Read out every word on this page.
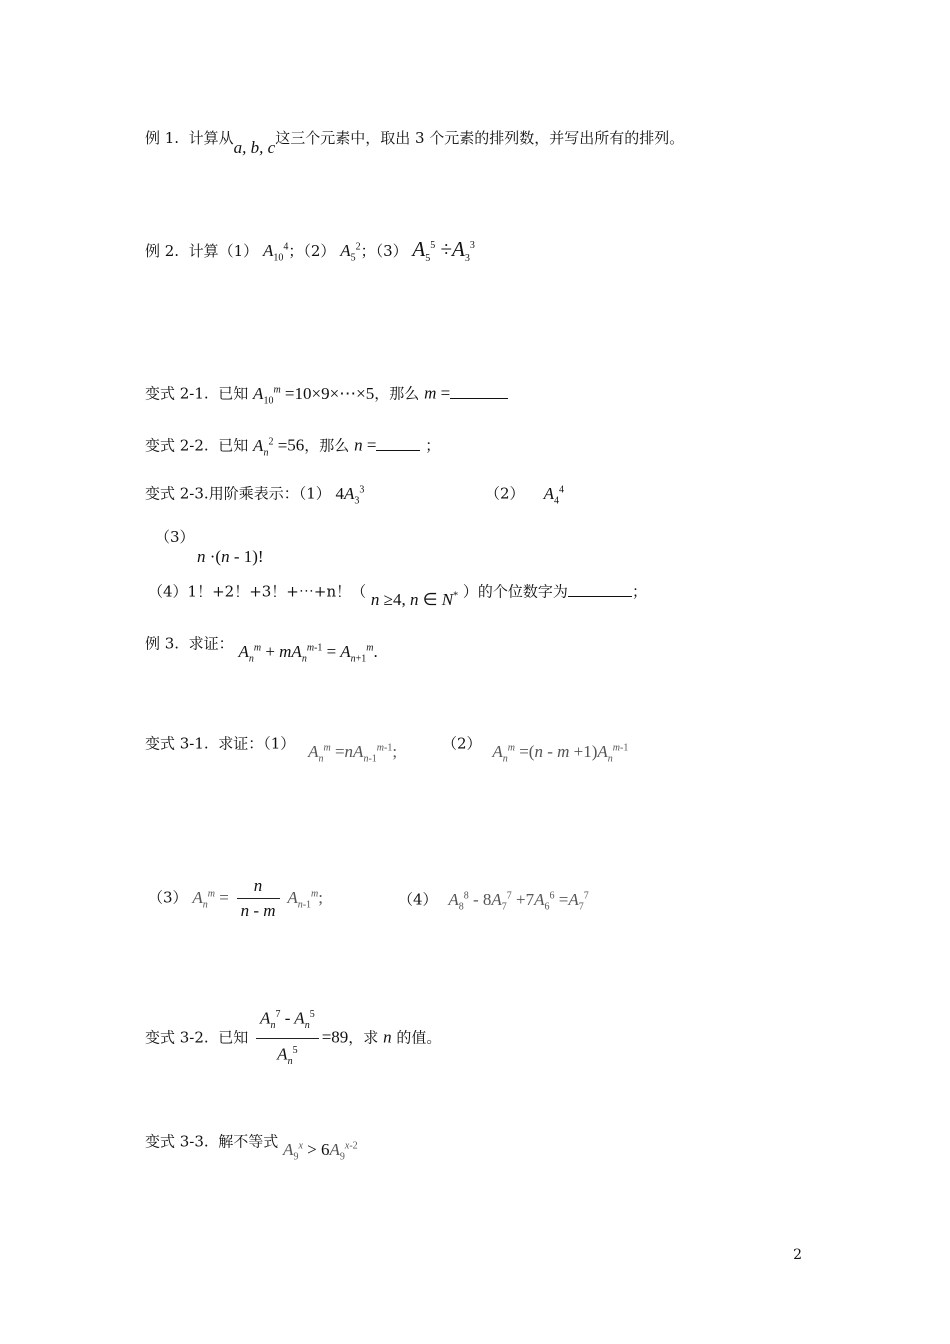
例 1. 计算从a, b, c这三个元素中，取出 3 个元素的排列数，并写出所有的排列。
例 2. 计算（1） $A_{10}^4$；（2） $A_5^2$；（3） $A_5^5 \div A_3^3$
变式 2-1. 已知 $A_{10}^m$ =10×9×⋯×5，那么 m =
变式 2-2. 已知 $A_n^2 =56$，那么 n =	；
变式 2-3.用阶乘表示：（1） $4A_3^3$	（2） $A_4^4$
（3）
n ·(n - 1)!
（4）1！+2！+3！+⋯+n！（ n ≥4, n ∈ N* ）的个位数字为	；
例 3. 求证： $A_n^m + mA_n^{m-1} = A_{n+1}^m$.
变式 3-1. 求证：（1） $A_n^m =nA_{n-1}^{m-1}$;	（2） $A_n^m =(n - m +1)A_n^{m-1}$
（3） $A_n^m = \frac{n}{n - m} A_{n-1}^m$;	（4） $A_8^8 - 8A_7^7 +7A_6^6 =A_7^7$
变式 3-2. 已知 $\frac{A_n^7 - A_n^5}{A_n^5} =89$，求 n 的值。
变式 3-3. 解不等式 $A_9^x > 6A_9^{x-2}$
2
